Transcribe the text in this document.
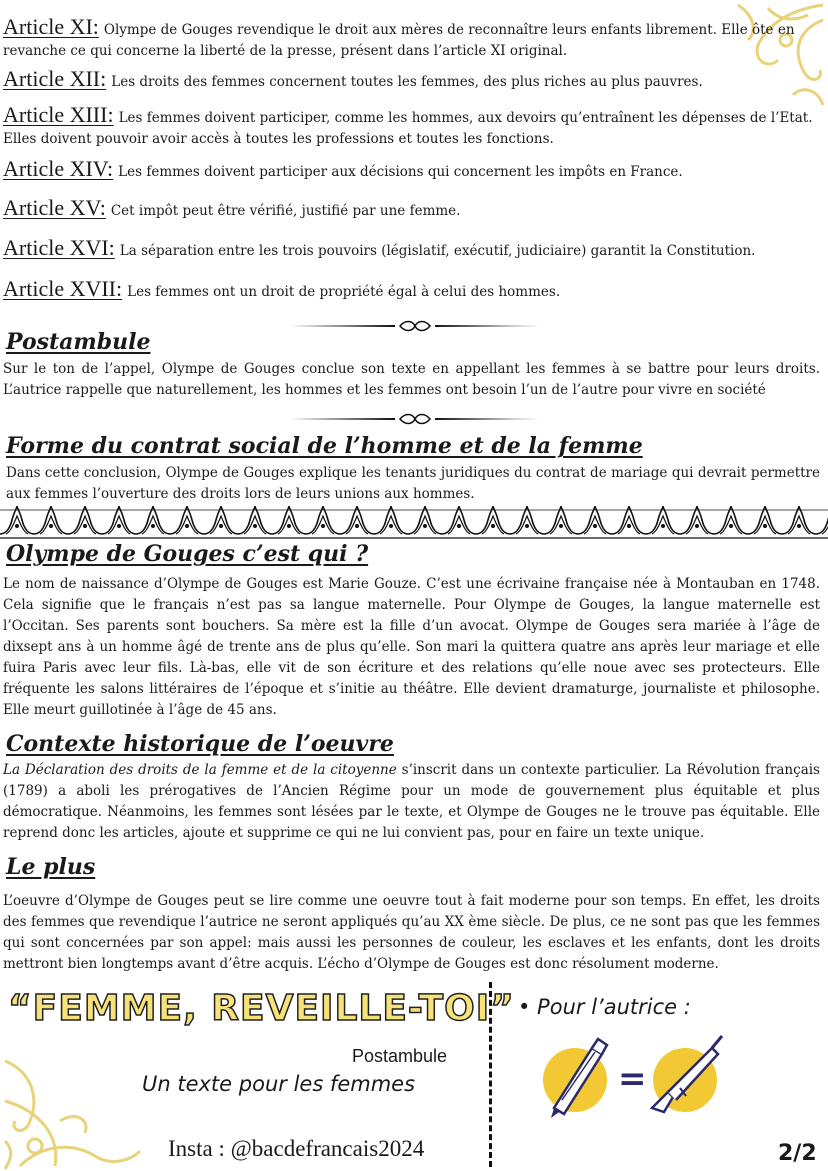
Article XI: Olympe de Gouges revendique le droit aux mères de reconnaître leurs enfants librement. Elle ôte en revanche ce qui concerne la liberté de la presse, présent dans l’article XI original.
Article XII: Les droits des femmes concernent toutes les femmes, des plus riches au plus pauvres.
Article XIII: Les femmes doivent participer, comme les hommes, aux devoirs qu’entraînent les dépenses de l’Etat. Elles doivent pouvoir avoir accès à toutes les professions et toutes les fonctions.
Article XIV: Les femmes doivent participer aux décisions qui concernent les impôts en France.
Article XV: Cet impôt peut être vérifié, justifié par une femme.
Article XVI: La séparation entre les trois pouvoirs (législatif, exécutif, judiciaire) garantit la Constitution.
Article XVII: Les femmes ont un droit de propriété égal à celui des hommes.
Postambule
Sur le ton de l’appel, Olympe de Gouges conclue son texte en appellant les femmes à se battre pour leurs droits. L’autrice rappelle que naturellement, les hommes et les femmes ont besoin l’un de l’autre pour vivre en société
Forme du contrat social de l’homme et de la femme
Dans cette conclusion, Olympe de Gouges explique les tenants juridiques du contrat de mariage qui devrait permettre aux femmes l’ouverture des droits lors de leurs unions aux hommes.
Olympe de Gouges c’est qui ?
Le nom de naissance d’Olympe de Gouges est Marie Gouze. C’est une écrivaine française née à Montauban en 1748. Cela signifie que le français n’est pas sa langue maternelle. Pour Olympe de Gouges, la langue maternelle est l’Occitan. Ses parents sont bouchers. Sa mère est la fille d’un avocat. Olympe de Gouges sera mariée à l’âge de dixsept ans à un homme âgé de trente ans de plus qu’elle. Son mari la quittera quatre ans après leur mariage et elle fuira Paris avec leur fils. Là-bas, elle vit de son écriture et des relations qu’elle noue avec ses protecteurs. Elle fréquente les salons littéraires de l’époque et s’initie au théâtre. Elle devient dramaturge, journaliste et philosophe. Elle meurt guillotinée à l’âge de 45 ans.
Contexte historique de l’oeuvre
La Déclaration des droits de la femme et de la citoyenne s’inscrit dans un contexte particulier. La Révolution français (1789) a aboli les prérogatives de l’Ancien Régime pour un mode de gouvernement plus équitable et plus démocratique. Néanmoins, les femmes sont lésées par le texte, et Olympe de Gouges ne le trouve pas équitable. Elle reprend donc les articles, ajoute et supprime ce qui ne lui convient pas, pour en faire un texte unique.
Le plus
L’oeuvre d’Olympe de Gouges peut se lire comme une oeuvre tout à fait moderne pour son temps. En effet, les droits des femmes que revendique l’autrice ne seront appliqués qu’au XX ème siècle. De plus, ce ne sont pas que les femmes qui sont concernées par son appel: mais aussi les personnes de couleur, les esclaves et les enfants, dont les droits mettront bien longtemps avant d’être acquis. L’écho d’Olympe de Gouges est donc résolument moderne.
“FEMME, REVEILLE-TOI”
Postambule
Un texte pour les femmes
Insta : @bacdefrancais2024
• Pour l’autrice :
=
2/2
